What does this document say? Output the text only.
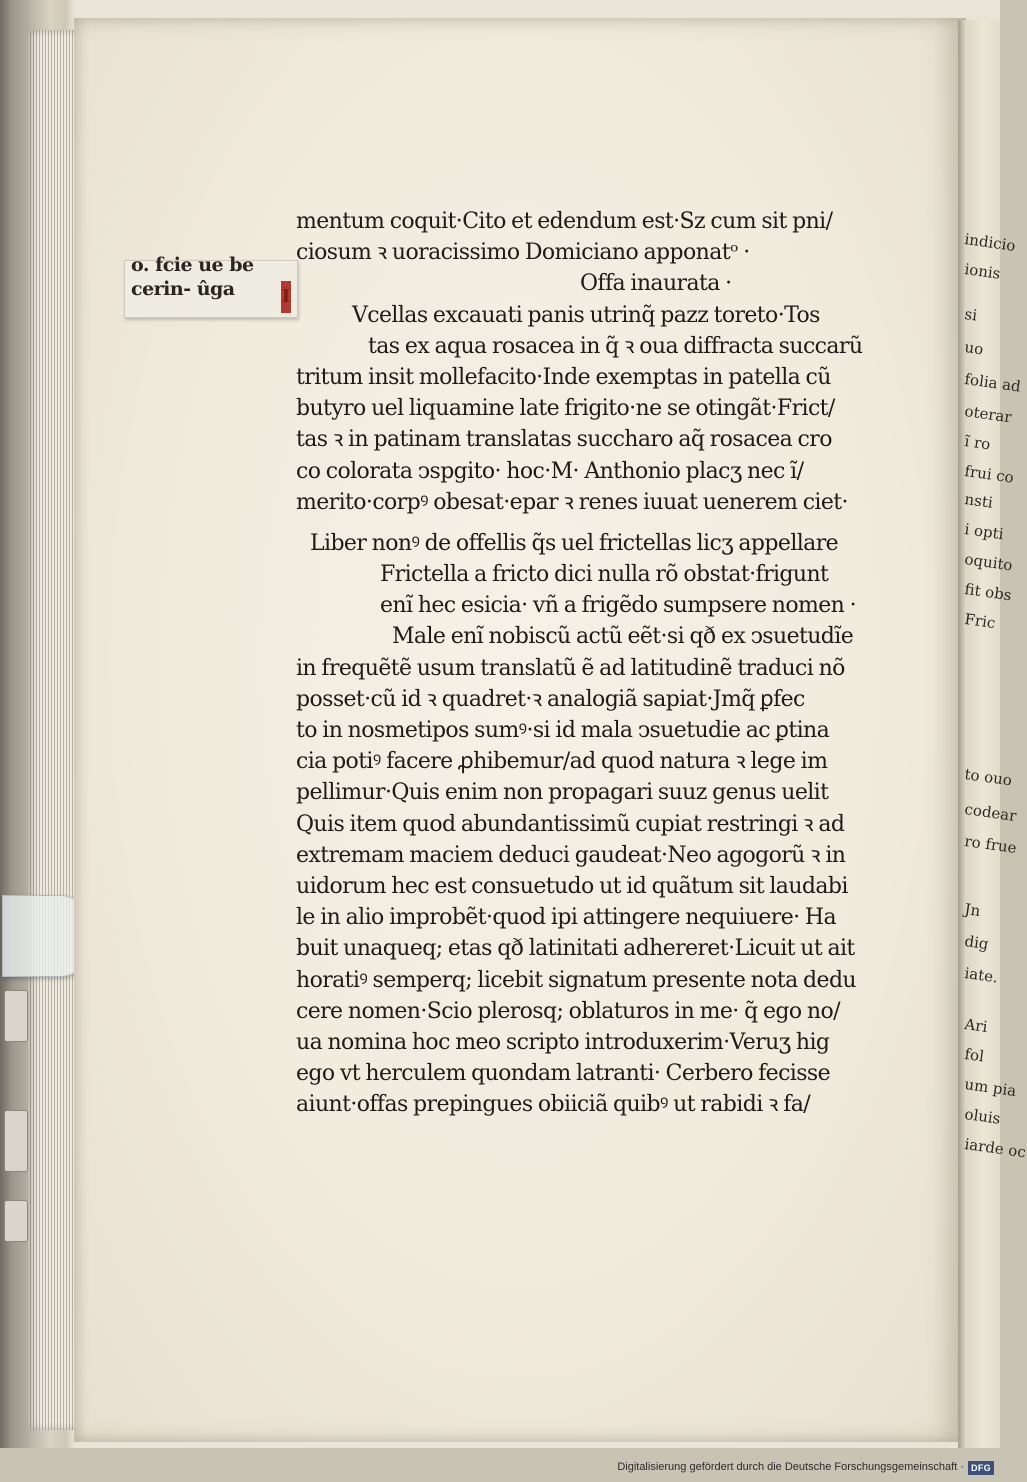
o. fcie ue be
cerin- ûga	I
mentum coquit·Cito et edendum est·Sz cum sit pni/
ciosum ꝛ uoracissimo Domiciano apponatᵒ ·
Offa inaurata ·
Vcellas excauati panis utrinq̃ pazz toreto·Tos
tas ex aqua rosacea in q̃ ꝛ oua diffracta succarũ
tritum insit mollefacito·Inde exemptas in patella cũ
butyro uel liquamine late frigito·ne se otingãt·Frict/
tas ꝛ in patinam translatas succharo aq̃ rosacea cro
co colorata ↄspgito· hoc·M· Anthonio placʒ nec ĩ/
merito·corpꝰ obesat·epar ꝛ renes iuuat uenerem ciet·
Liber nonꝰ de offellis q̃s uel frictellas licʒ appellare
Frictella a fricto dici nulla rõ obstat·frigunt
enĩ hec esicia· vñ a frigẽdo sumpsere nomen ·
Male enĩ nobiscũ actũ eẽt·si qð ex ↄsuetudĩe
in frequẽtẽ usum translatũ ẽ ad latitudinẽ traduci nõ
posset·cũ id ꝛ quadret·ꝛ analogiã sapiat·Jmq̃ ꝑfec
to in nosmetipos sumꝰ·si id mala ↄsuetudie ac ꝑtina
cia potiꝰ facere ꝓhibemur/ad quod natura ꝛ lege im
pellimur·Quis enim non propagari suuz genus uelit
Quis item quod abundantissimũ cupiat restringi ꝛ ad
extremam maciem deduci gaudeat·Neo agogorũ ꝛ in
uidorum hec est consuetudo ut id quãtum sit laudabi
le in alio improbẽt·quod ipi attingere nequiuere· Ha
buit unaqueq; etas qð latinitati adhereret·Licuit ut ait
horatiꝰ semperq; licebit signatum presente nota dedu
cere nomen·Scio plerosq; oblaturos in me· q̃ ego no/
ua nomina hoc meo scripto introduxerim·Veruʒ hig
ego vt herculem quondam latranti· Cerbero fecisse
aiunt·offas prepingues obiiciã quibꝰ ut rabidi ꝛ fa/
indicio
ionis
si
uo
folia ad
oterar
ĩ ro
frui co
nsti
i opti
oquito
fit obs
Fric
to ouo
codear
ro frue
Jn
dig
iate.
Ari
fol
um pia
oluis
iarde oc
Digitalisierung gefördert durch die Deutsche Forschungsgemeinschaft · DFG
